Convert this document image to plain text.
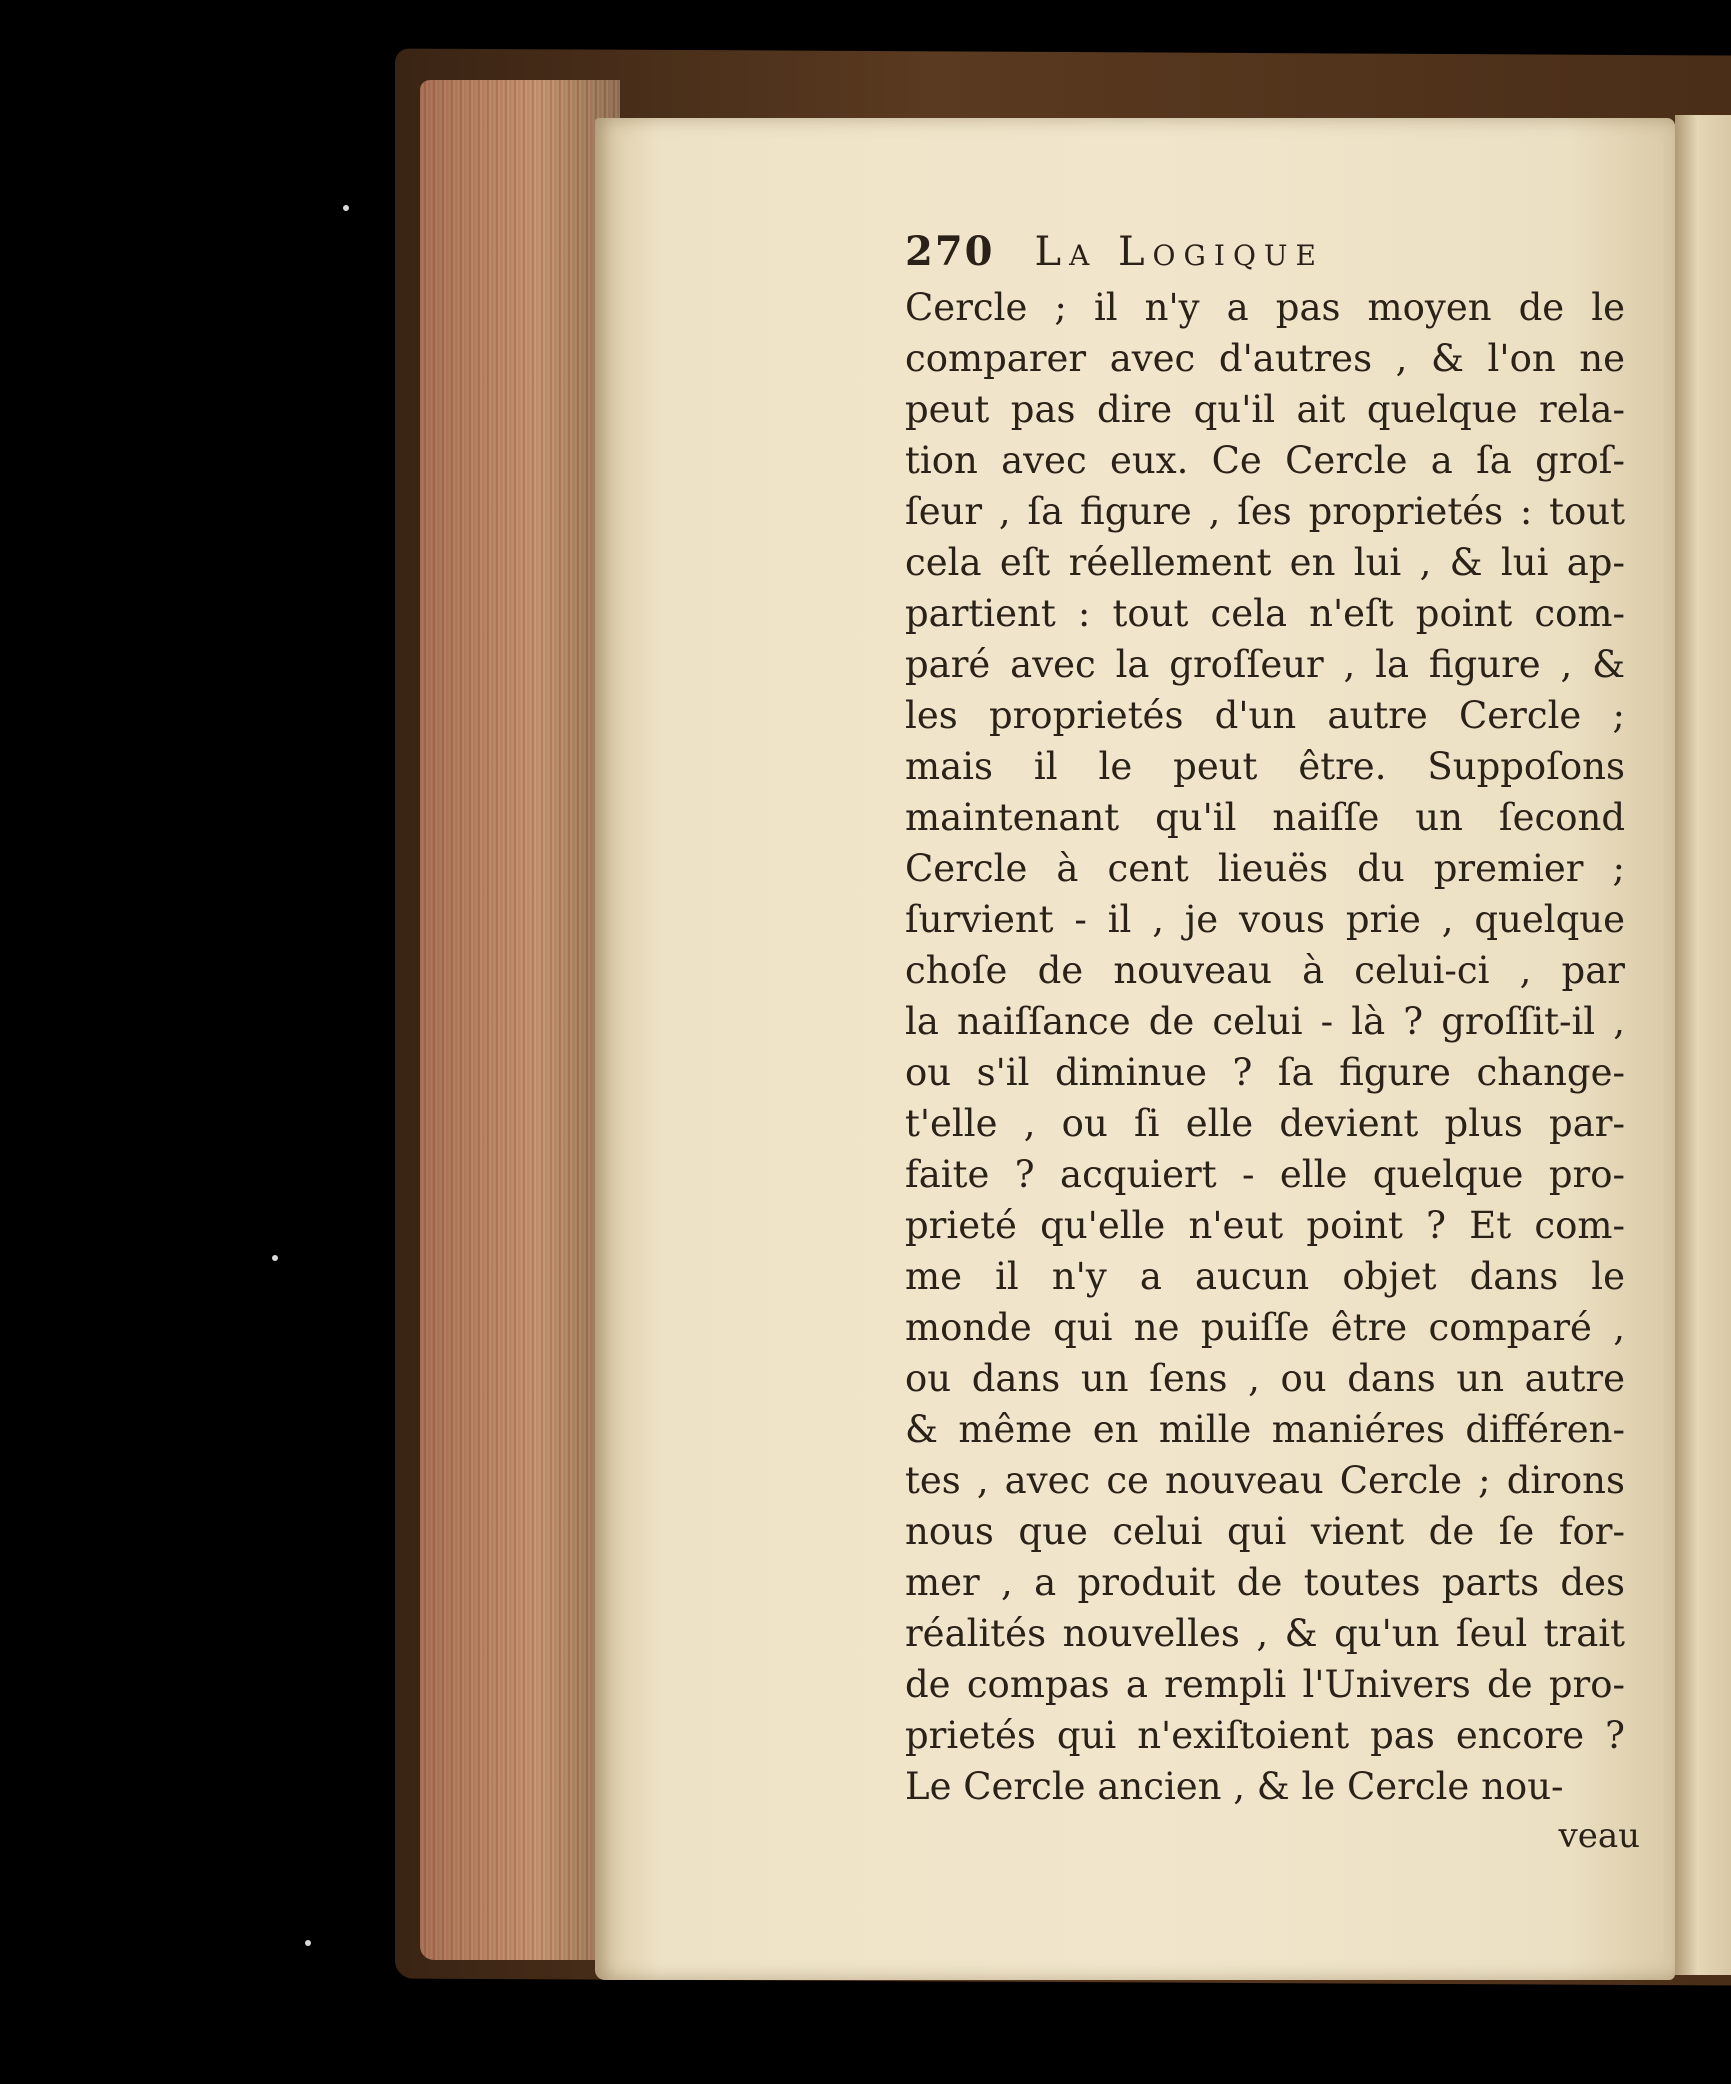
270 La Logique
Cercle ; il n'y a pas moyen de le
comparer avec d'autres , & l'on ne
peut pas dire qu'il ait quelque rela-
tion avec eux. Ce Cercle a ſa groſ-
ſeur , ſa figure , ſes proprietés : tout
cela eſt réellement en lui , & lui ap-
partient : tout cela n'eſt point com-
paré avec la groſſeur , la figure , &
les proprietés d'un autre Cercle ;
mais il le peut être. Suppoſons
maintenant qu'il naiſſe un ſecond
Cercle à cent lieuës du premier ;
ſurvient - il , je vous prie , quelque
choſe de nouveau à celui-ci , par
la naiſſance de celui - là ? groſſit-il ,
ou s'il diminue ? ſa figure change-
t'elle , ou ſi elle devient plus par-
faite ? acquiert - elle quelque pro-
prieté qu'elle n'eut point ? Et com-
me il n'y a aucun objet dans le
monde qui ne puiſſe être comparé ,
ou dans un ſens , ou dans un autre
& même en mille maniéres différen-
tes , avec ce nouveau Cercle ; dirons
nous que celui qui vient de ſe for-
mer , a produit de toutes parts des
réalités nouvelles , & qu'un ſeul trait
de compas a rempli l'Univers de pro-
prietés qui n'exiſtoient pas encore ?
Le Cercle ancien , & le Cercle nou-
veau
